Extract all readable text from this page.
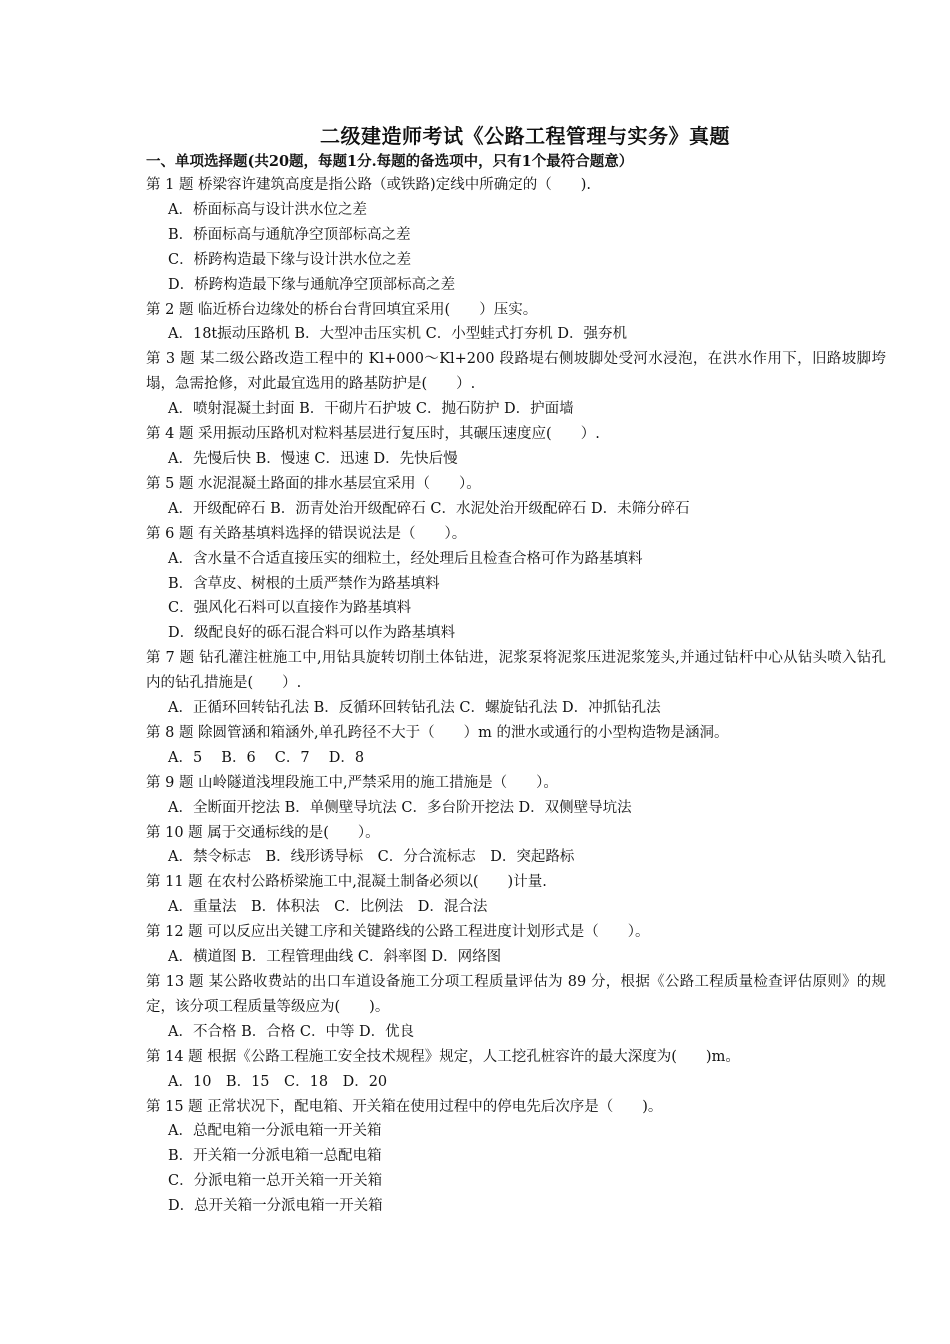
二级建造师考试《公路工程管理与实务》真题
一、单项选择题(共20题，每题1分.每题的备选项中，只有1个最符合题意）

第 1 题 桥梁容许建筑高度是指公路（或铁路)定线中所确定的（　　).

A．桥面标高与设计洪水位之差

B．桥面标高与通航净空顶部标高之差

C．桥跨构造最下缘与设计洪水位之差

D．桥跨构造最下缘与通航净空顶部标高之差

第 2 题 临近桥台边缘处的桥台台背回填宜采用(　　）压实。

A．18t振动压路机 B．大型冲击压实机 C．小型蛙式打夯机 D．强夯机

第 3 题 某二级公路改造工程中的 Kl+000～Kl+200 段路堤右侧坡脚处受河水浸泡，在洪水作用下，旧路坡脚垮塌，急需抢修，对此最宜选用的路基防护是(　　）.

A．喷射混凝土封面 B．干砌片石护坡 C．抛石防护 D．护面墙

第 4 题 采用振动压路机对粒料基层进行复压时，其碾压速度应(　　）.

A．先慢后快 B．慢速 C．迅速 D．先快后慢

第 5 题 水泥混凝土路面的排水基层宜采用（　　）。

A．开级配碎石 B．沥青处治开级配碎石 C．水泥处治开级配碎石 D．未筛分碎石

第 6 题 有关路基填料选择的错误说法是（　　）。

A．含水量不合适直接压实的细粒土，经处理后且检查合格可作为路基填料

B．含草皮、树根的土质严禁作为路基填料

C．强风化石料可以直接作为路基填料

D．级配良好的砾石混合料可以作为路基填料

第 7 题 钻孔灌注桩施工中,用钻具旋转切削土体钻进，泥浆泵将泥浆压进泥浆笼头,并通过钻杆中心从钻头喷入钻孔内的钻孔措施是(　　）.

A．正循环回转钻孔法 B．反循环回转钻孔法 C．螺旋钻孔法 D．冲抓钻孔法

第 8 题 除圆管涵和箱涵外,单孔跨径不大于（　　）m 的泄水或通行的小型构造物是涵洞。

A．5　 B．6　 C．7　 D．8

第 9 题 山岭隧道浅埋段施工中,严禁采用的施工措施是（　　）。

A．全断面开挖法 B．单侧壁导坑法 C．多台阶开挖法 D．双侧壁导坑法

第 10 题 属于交通标线的是(　　）。

A．禁令标志　B．线形诱导标　C．分合流标志　D．突起路标

第 11 题 在农村公路桥梁施工中,混凝土制备必须以(　　)计量.

A．重量法　B．体积法　C．比例法　D．混合法

第 12 题 可以反应出关键工序和关键路线的公路工程进度计划形式是（　　）。

A．横道图 B．工程管理曲线 C．斜率图 D．网络图

第 13 题 某公路收费站的出口车道设备施工分项工程质量评估为 89 分，根据《公路工程质量检查评估原则》的规定，该分项工程质量等级应为(　　)。

A．不合格 B．合格 C．中等 D．优良

第 14 题 根据《公路工程施工安全技术规程》规定，人工挖孔桩容许的最大深度为(　　)m。

A．10　B．15　C．18　D．20

第 15 题 正常状况下，配电箱、开关箱在使用过程中的停电先后次序是（　　)。

A．总配电箱一分派电箱一开关箱

B．开关箱一分派电箱一总配电箱

C．分派电箱一总开关箱一开关箱

D．总开关箱一分派电箱一开关箱
